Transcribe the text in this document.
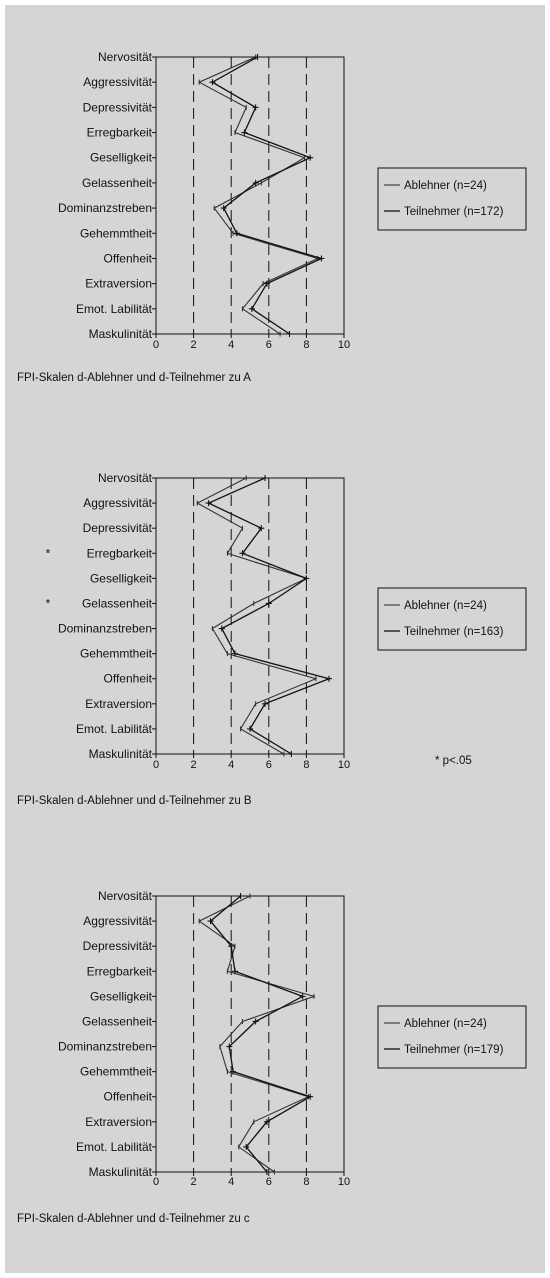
0	2	4	6	8	10
Nervosität
Aggressivität
Depressivität
Erregbarkeit
Geselligkeit
Gelassenheit
Dominanzstreben
Gehemmtheit
Offenheit
Extraversion
Emot. Labilität
Maskulinität
Ablehner (n=24)
Teilnehmer (n=172)
FPI-Skalen d-Ablehner und d-Teilnehmer zu A
0	2	4	6	8	10
Nervosität
Aggressivität
Depressivität
Erregbarkeit
*
Geselligkeit
Gelassenheit
*
Dominanzstreben
Gehemmtheit
Offenheit
Extraversion
Emot. Labilität
Maskulinität
Ablehner (n=24)
Teilnehmer (n=163)
FPI-Skalen d-Ablehner und d-Teilnehmer zu B
* p<.05
0	2	4	6	8	10
Nervosität
Aggressivität
Depressivität
Erregbarkeit
Geselligkeit
Gelassenheit
Dominanzstreben
Gehemmtheit
Offenheit
Extraversion
Emot. Labilität
Maskulinität
Ablehner (n=24)
Teilnehmer (n=179)
FPI-Skalen d-Ablehner und d-Teilnehmer zu c
